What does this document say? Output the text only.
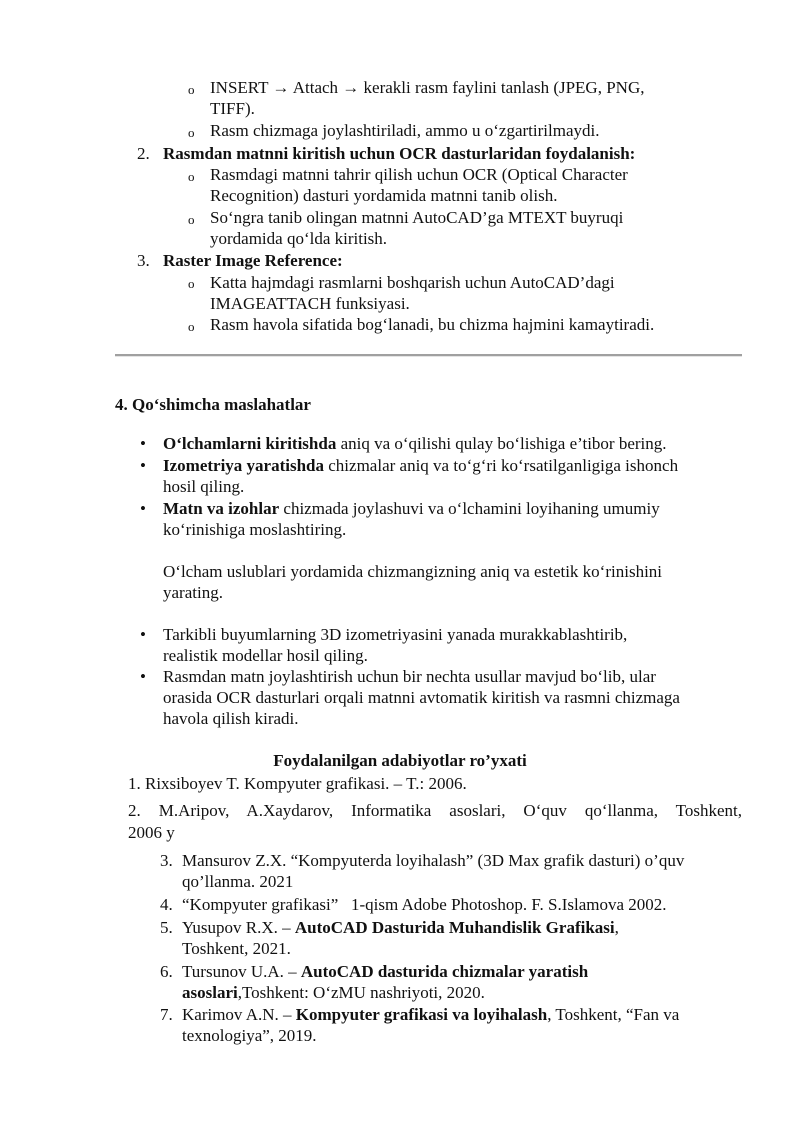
o INSERT → Attach → kerakli rasm faylini tanlash (JPEG, PNG,
TIFF).
o Rasm chizmaga joylashtiriladi, ammo u o‘zgartirilmaydi.
2. Rasmdan matnni kiritish uchun OCR dasturlaridan foydalanish:
o Rasmdagi matnni tahrir qilish uchun OCR (Optical Character
Recognition) dasturi yordamida matnni tanib olish.
o So‘ngra tanib olingan matnni AutoCAD’ga MTEXT buyruqi
yordamida qo‘lda kiritish.
3. Raster Image Reference:
o Katta hajmdagi rasmlarni boshqarish uchun AutoCAD’dagi
IMAGEATTACH funksiyasi.
o Rasm havola sifatida bog‘lanadi, bu chizma hajmini kamaytiradi.
4. Qo‘shimcha maslahatlar
• O‘lchamlarni kiritishda aniq va o‘qilishi qulay bo‘lishiga e’tibor bering.
• Izometriya yaratishda chizmalar aniq va to‘g‘ri ko‘rsatilganligiga ishonch
hosil qiling.
• Matn va izohlar chizmada joylashuvi va o‘lchamini loyihaning umumiy
ko‘rinishiga moslashtiring.
O‘lcham uslublari yordamida chizmangizning aniq va estetik ko‘rinishini
yarating.
• Tarkibli buyumlarning 3D izometriyasini yanada murakkablashtirib,
realistik modellar hosil qiling.
• Rasmdan matn joylashtirish uchun bir nechta usullar mavjud bo‘lib, ular
orasida OCR dasturlari orqali matnni avtomatik kiritish va rasmni chizmaga
havola qilish kiradi.
Foydalanilgan adabiyotlar ro’yxati
1. Rixsiboyev T. Kompyuter grafikasi. – T.: 2006.
2. M.Aripov, A.Xaydarov, Informatika asoslari, O‘quv qo‘llanma, Toshkent,
2006 y
3. Mansurov Z.X. “Kompyuterda loyihalash” (3D Max grafik dasturi) o’quv
qo’llanma. 2021
4. “Kompyuter grafikasi”   1-qism Adobe Photoshop. F. S.Islamova 2002.
5. Yusupov R.X. – AutoCAD Dasturida Muhandislik Grafikasi,
Toshkent, 2021.
6. Tursunov U.A. – AutoCAD dasturida chizmalar yaratish
asoslari,Toshkent: O‘zMU nashriyoti, 2020.
7. Karimov A.N. – Kompyuter grafikasi va loyihalash, Toshkent, “Fan va
texnologiya”, 2019.
